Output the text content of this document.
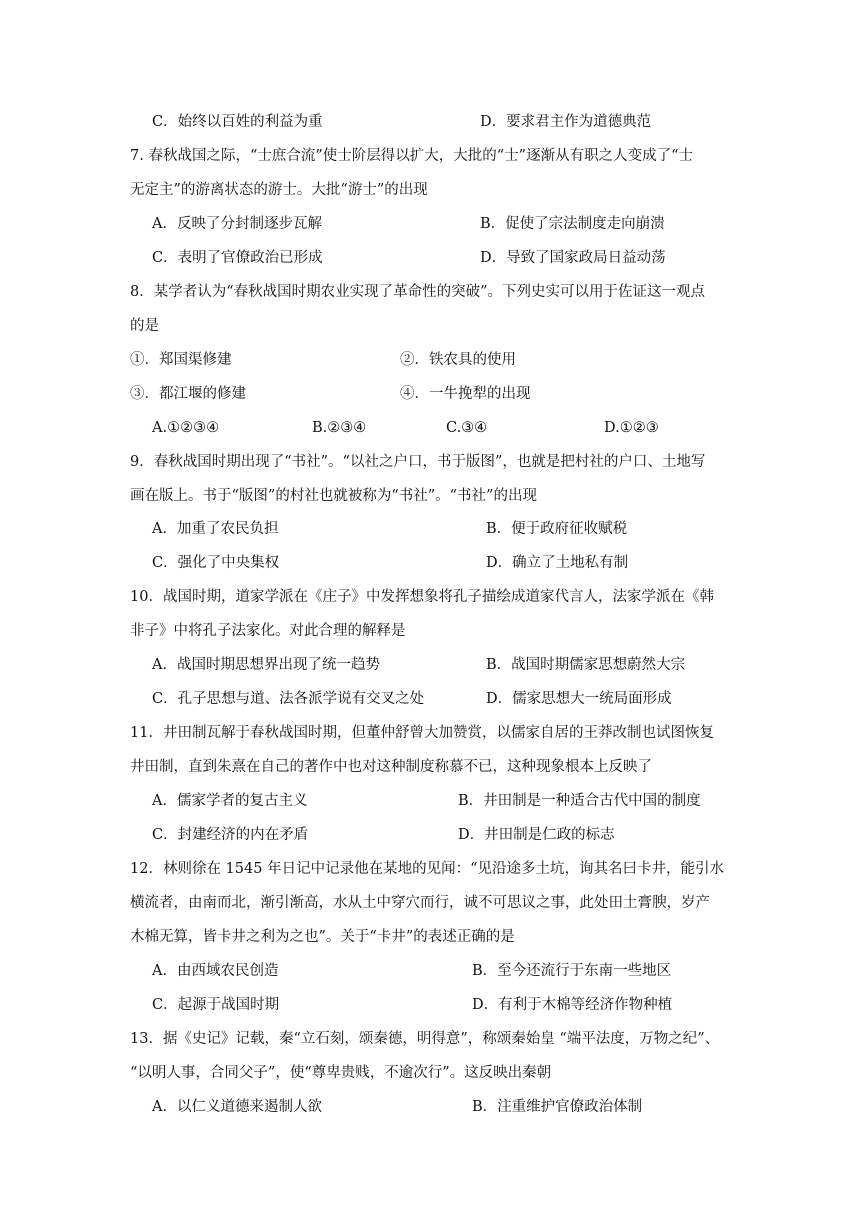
C．始终以百姓的利益为重	D．要求君主作为道德典范
7. 春秋战国之际，“士庶合流”使士阶层得以扩大，大批的“士”逐渐从有职之人变成了“士
无定主”的游离状态的游士。大批“游士”的出现
A．反映了分封制逐步瓦解	B．促使了宗法制度走向崩溃
C．表明了官僚政治已形成	D．导致了国家政局日益动荡
8．某学者认为“春秋战国时期农业实现了革命性的突破”。下列史实可以用于佐证这一观点
的是
①．郑国渠修建	②．铁农具的使用
③．都江堰的修建	④．一牛挽犁的出现
A.①②③④	B.②③④	C.③④	D.①②③
9．春秋战国时期出现了“书社”。“以社之户口，书于版图”，也就是把村社的户口、土地写
画在版上。书于“版图”的村社也就被称为“书社”。“书社”的出现
A．加重了农民负担	B．便于政府征收赋税
C．强化了中央集权	D．确立了土地私有制
10．战国时期，道家学派在《庄子》中发挥想象将孔子描绘成道家代言人，法家学派在《韩
非子》中将孔子法家化。对此合理的解释是
A．战国时期思想界出现了统一趋势	B．战国时期儒家思想蔚然大宗
C．孔子思想与道、法各派学说有交叉之处	D．儒家思想大一统局面形成
11．井田制瓦解于春秋战国时期，但董仲舒曾大加赞赏，以儒家自居的王莽改制也试图恢复
井田制，直到朱熹在自己的著作中也对这种制度称慕不已，这种现象根本上反映了
A．儒家学者的复古主义	B．井田制是一种适合古代中国的制度
C．封建经济的内在矛盾	D．井田制是仁政的标志
12．林则徐在 1545 年日记中记录他在某地的见闻：“见沿途多土坑，询其名曰卡井，能引水
横流者，由南而北，渐引渐高，水从土中穿穴而行，诚不可思议之事，此处田土膏腴，岁产
木棉无算，皆卡井之利为之也”。关于“卡井”的表述正确的是
A．由西域农民创造	B．至今还流行于东南一些地区
C．起源于战国时期	D．有利于木棉等经济作物种植
13．据《史记》记载，秦“立石刻，颂秦德，明得意”，称颂秦始皇 “端平法度，万物之纪”、
“以明人事，合同父子”，使“尊卑贵贱，不逾次行”。这反映出秦朝
A．以仁义道德来遏制人欲	B．注重维护官僚政治体制
